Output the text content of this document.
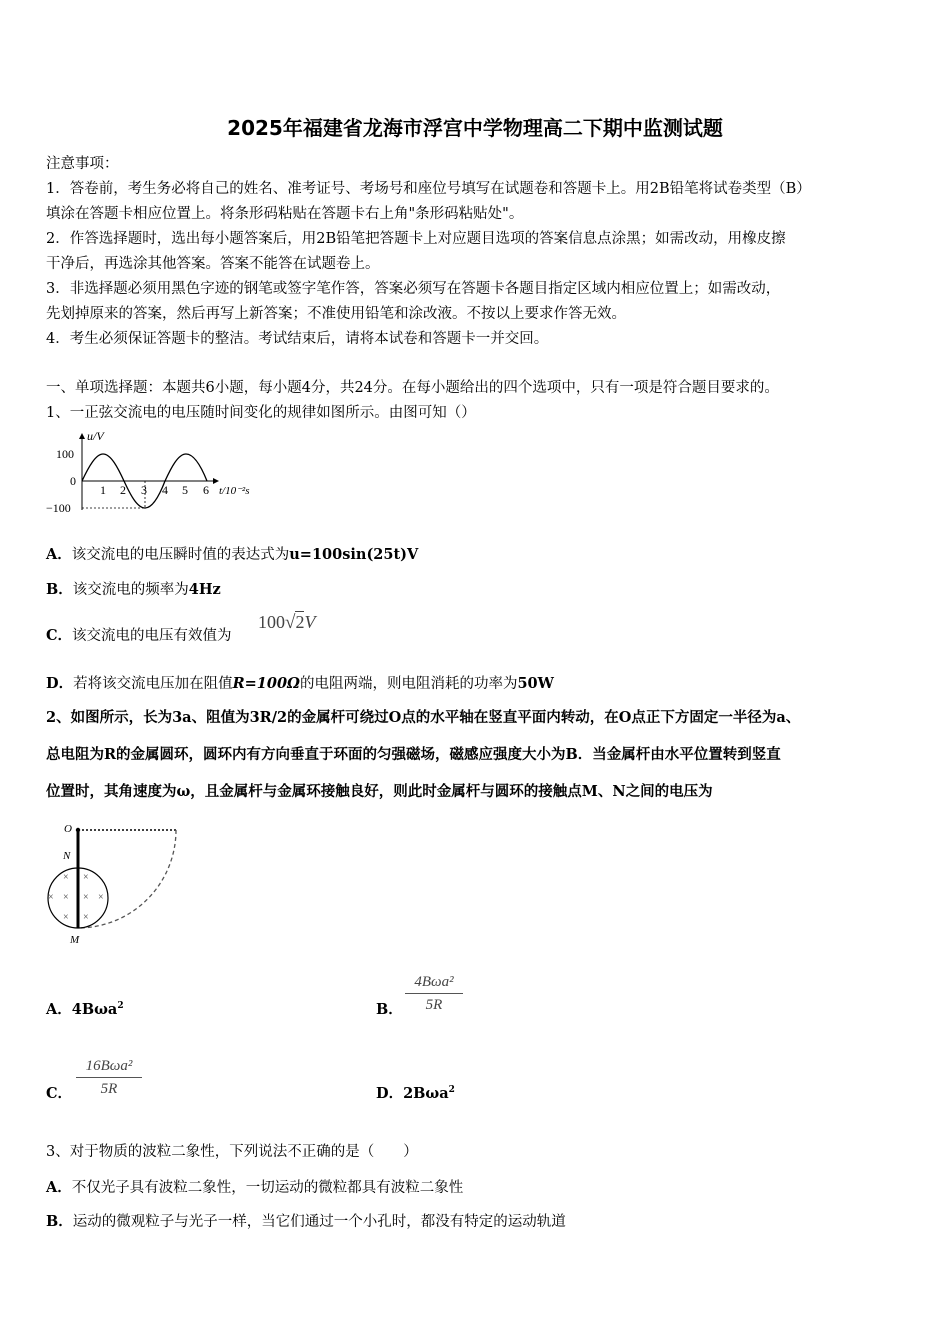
2025年福建省龙海市浮宫中学物理高二下期中监测试题
注意事项：
1．答卷前，考生务必将自己的姓名、准考证号、考场号和座位号填写在试题卷和答题卡上。用2B铅笔将试卷类型（B）
填涂在答题卡相应位置上。将条形码粘贴在答题卡右上角"条形码粘贴处"。
2．作答选择题时，选出每小题答案后，用2B铅笔把答题卡上对应题目选项的答案信息点涂黑；如需改动，用橡皮擦
干净后，再选涂其他答案。答案不能答在试题卷上。
3．非选择题必须用黑色字迹的钢笔或签字笔作答，答案必须写在答题卡各题目指定区域内相应位置上；如需改动，
先划掉原来的答案，然后再写上新答案；不准使用铅笔和涂改液。不按以上要求作答无效。
4．考生必须保证答题卡的整洁。考试结束后，请将本试卷和答题卡一并交回。
一、单项选择题：本题共6小题，每小题4分，共24分。在每小题给出的四个选项中，只有一项是符合题目要求的。
1、一正弦交流电的电压随时间变化的规律如图所示。由图可知（）
u/V
100
0
−100
1 2 3 4 5 6 t/10⁻²s
A．该交流电的电压瞬时值的表达式为u=100sin(25t)V
B．该交流电的频率为4Hz
C．该交流电的电压有效值为
100√2V
D．若将该交流电压加在阻值R=100Ω的电阻两端，则电阻消耗的功率为50W
2、如图所示，长为3a、阻值为3R/2的金属杆可绕过O点的水平轴在竖直平面内转动，在O点正下方固定一半径为a、
总电阻为R的金属圆环，圆环内有方向垂直于环面的匀强磁场，磁感应强度大小为B．当金属杆由水平位置转到竖直
位置时，其角速度为ω，且金属杆与金属环接触良好，则此时金属杆与圆环的接触点M、N之间的电压为
× ×
× × × ×
× ×
O
N
M
A．4Bωa$^2$	B．
4Bωa²
5R
C．
16Bωa²
5R	D．2Bωa$^2$
3、对于物质的波粒二象性，下列说法不正确的是（　　）
A．不仅光子具有波粒二象性，一切运动的微粒都具有波粒二象性
B．运动的微观粒子与光子一样，当它们通过一个小孔时，都没有特定的运动轨道
